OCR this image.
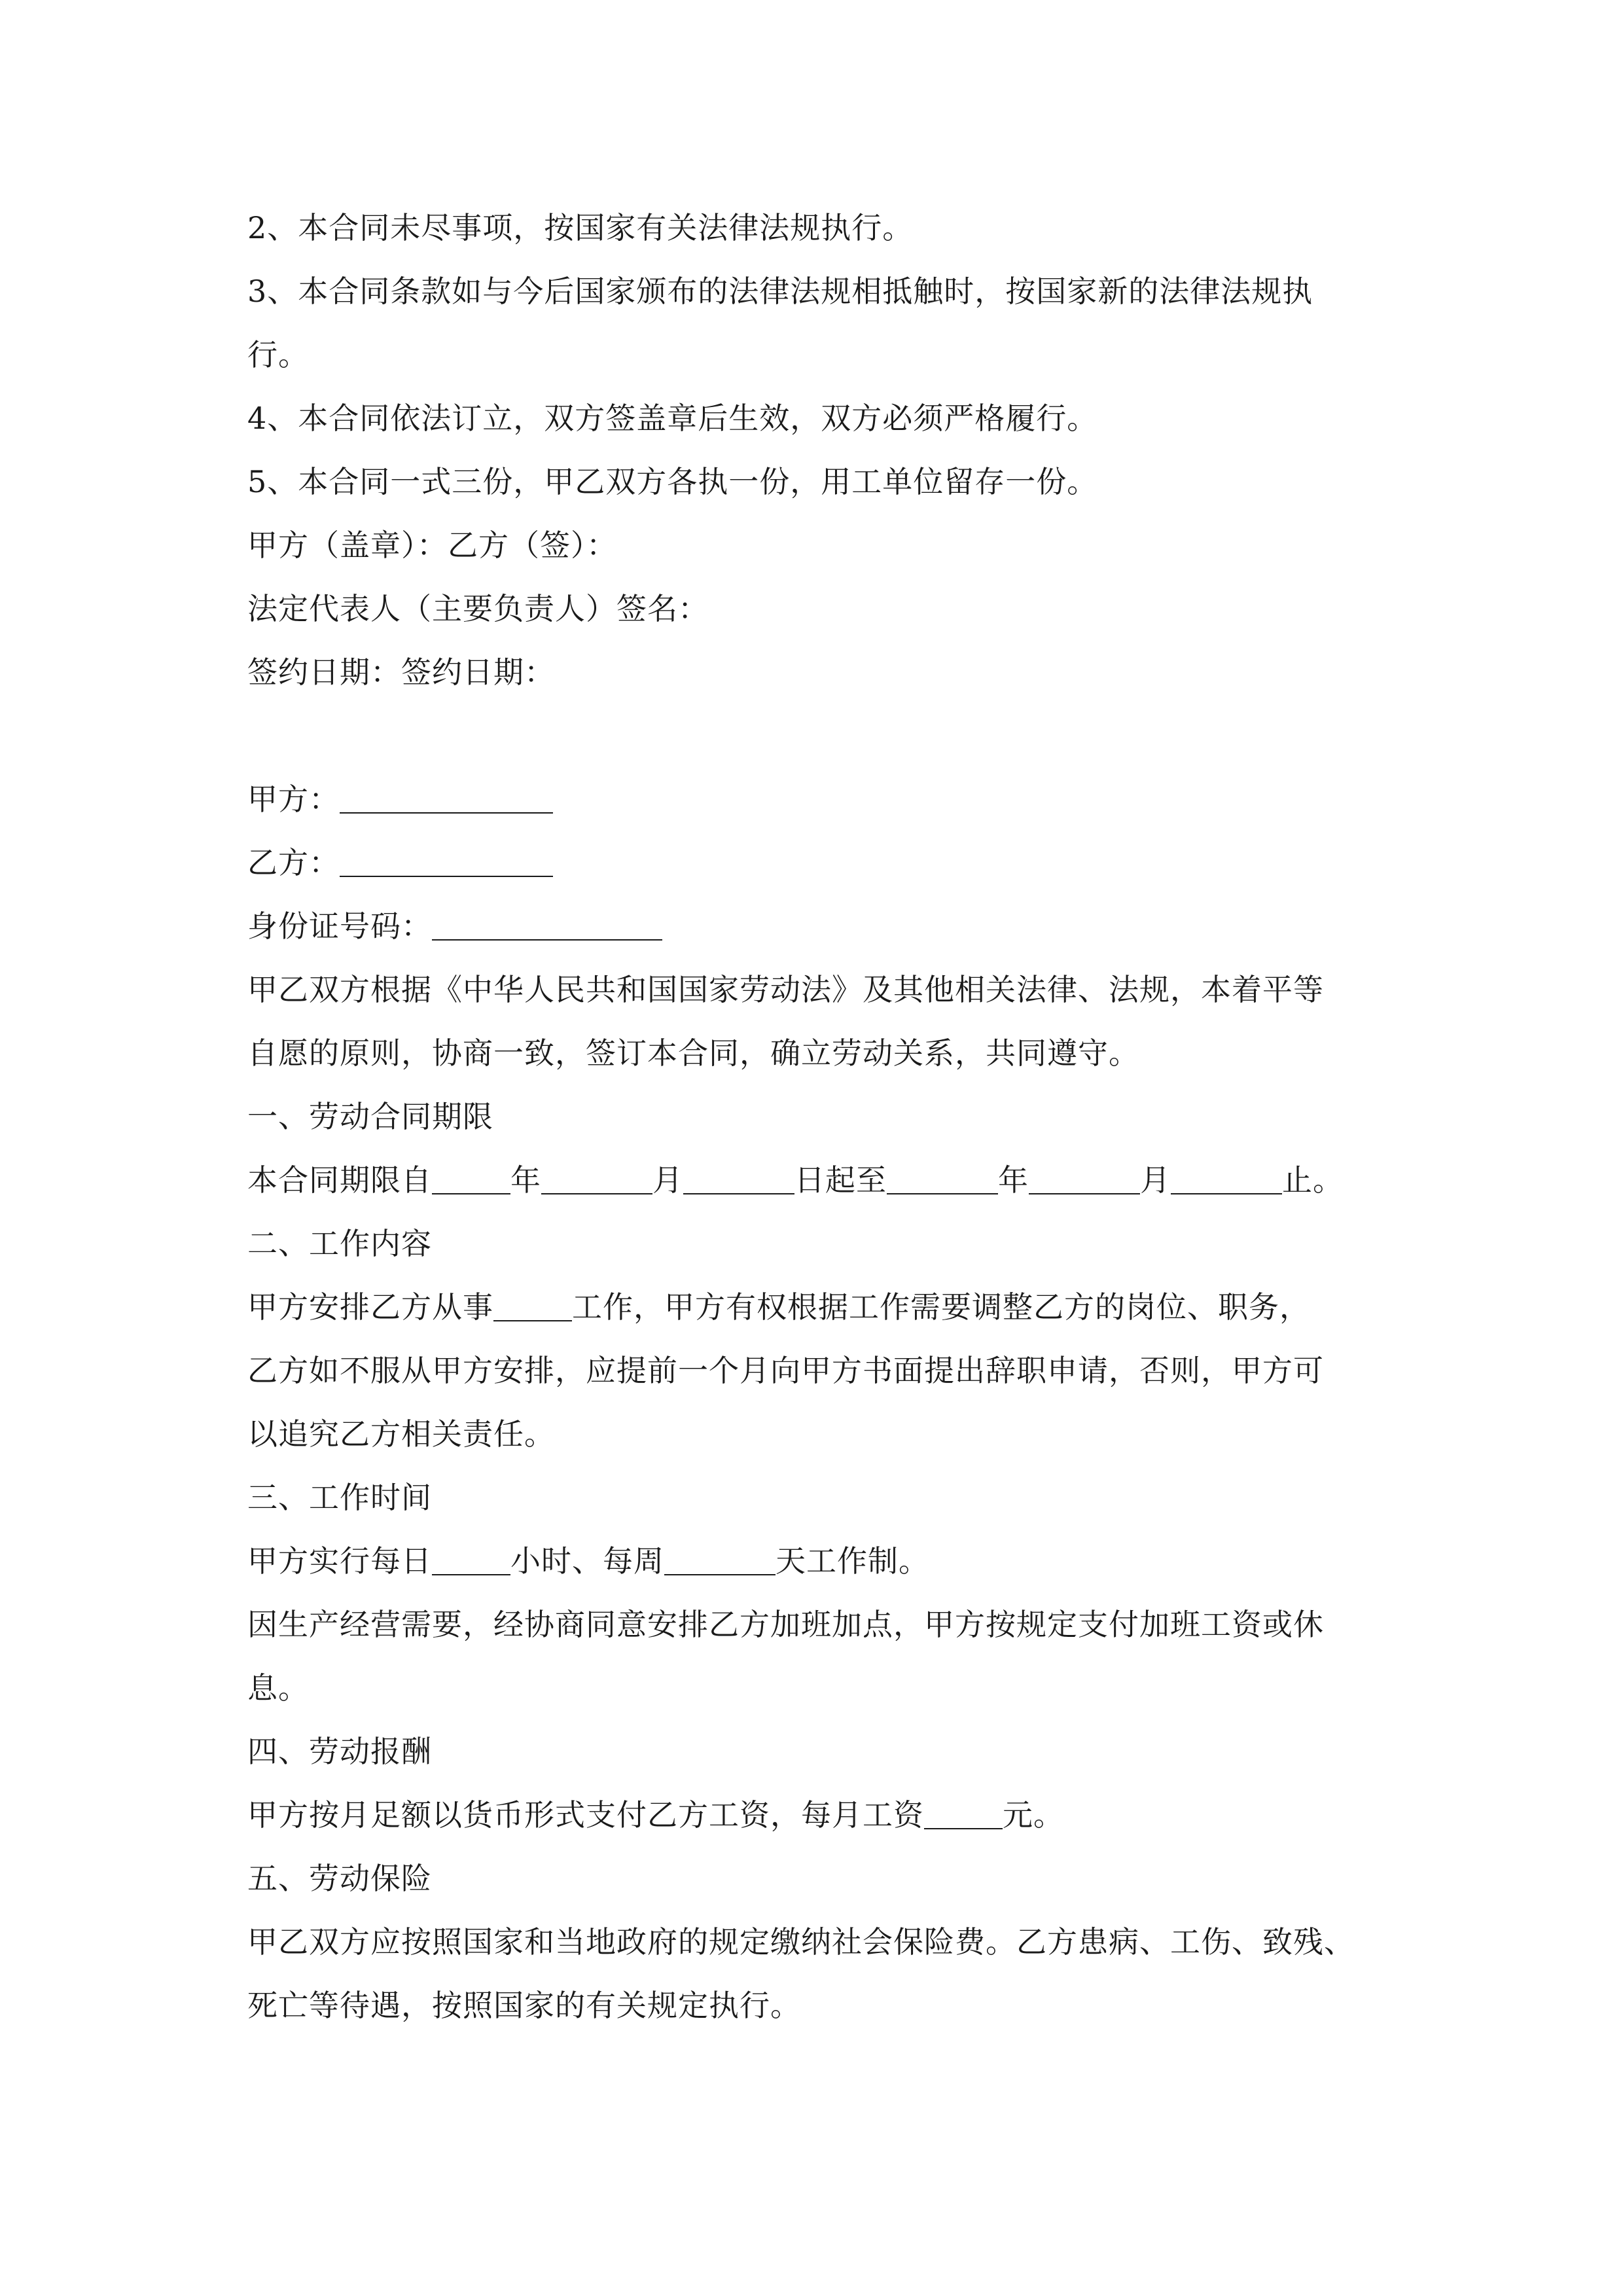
2、本合同未尽事项，按国家有关法律法规执行。
3、本合同条款如与今后国家颁布的法律法规相抵触时，按国家新的法律法规执
行。
4、本合同依法订立，双方签盖章后生效，双方必须严格履行。
5、本合同一式三份，甲乙双方各执一份，用工单位留存一份。
甲方（盖章）：乙方（签）：
法定代表人（主要负责人）签名：
签约日期：签约日期：
甲方：
乙方：
身份证号码：
甲乙双方根据《中华人民共和国国家劳动法》及其他相关法律、法规，本着平等
自愿的原则，协商一致，签订本合同，确立劳动关系，共同遵守。
一、劳动合同期限
本合同期限自	年	月	日起至	年	月	止。
二、工作内容
甲方安排乙方从事	工作，甲方有权根据工作需要调整乙方的岗位、职务，
乙方如不服从甲方安排，应提前一个月向甲方书面提出辞职申请，否则，甲方可
以追究乙方相关责任。
三、工作时间
甲方实行每日	小时、每周	天工作制。
因生产经营需要，经协商同意安排乙方加班加点，甲方按规定支付加班工资或休
息。
四、劳动报酬
甲方按月足额以货币形式支付乙方工资，每月工资	元。
五、劳动保险
甲乙双方应按照国家和当地政府的规定缴纳社会保险费。乙方患病、工伤、致残、
死亡等待遇，按照国家的有关规定执行。
